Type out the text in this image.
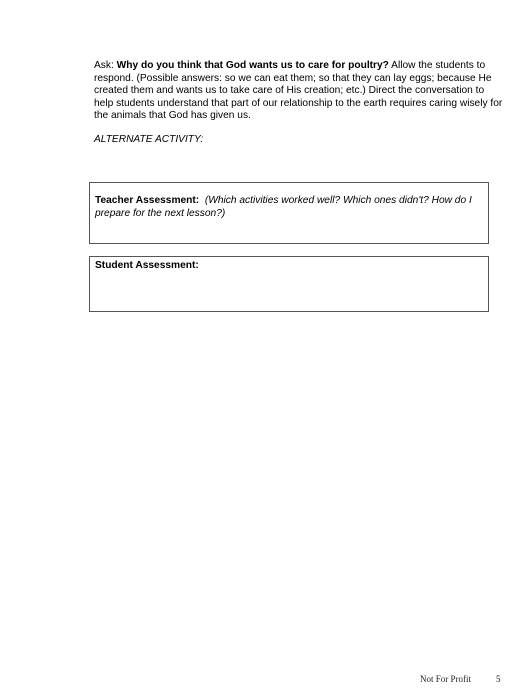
Ask: Why do you think that God wants us to care for poultry? Allow the students to respond. (Possible answers: so we can eat them; so that they can lay eggs; because He created them and wants us to take care of His creation; etc.) Direct the conversation to help students understand that part of our relationship to the earth requires caring wisely for the animals that God has given us.
ALTERNATE ACTIVITY:
Teacher Assessment: (Which activities worked well? Which ones didn't? How do I prepare for the next lesson?)
Student Assessment:
Not For Profit	5
